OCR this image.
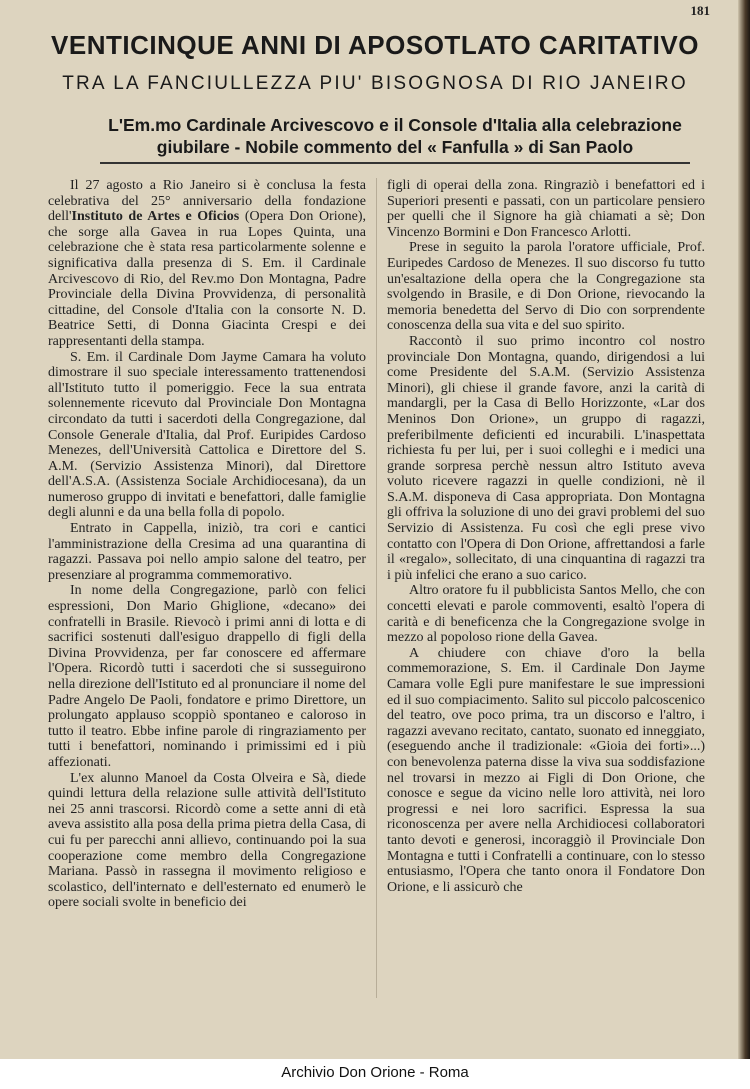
181
VENTICINQUE ANNI DI APOSOTLATO CARITATIVO
TRA LA FANCIULLEZZA PIU' BISOGNOSA DI RIO JANEIRO

L'Em.mo Cardinale Arcivescovo e il Console d'Italia alla celebrazione giubilare - Nobile commento del « Fanfulla » di San Paolo

Il 27 agosto a Rio Janeiro si è conclusa la festa celebrativa del 25° anniversario della fondazione dell'Instituto de Artes e Oficios (Opera Don Orione), che sorge alla Gavea in rua Lopes Quinta, una celebrazione che è stata resa particolarmente solenne e significativa dalla presenza di S. Em. il Cardinale Arcivescovo di Rio, del Rev.mo Don Montagna, Padre Provinciale della Divina Provvidenza, di personalità cittadine, del Console d'Italia con la consorte N. D. Beatrice Setti, di Donna Giacinta Crespi e dei rappresentanti della stampa.

S. Em. il Cardinale Dom Jayme Camara ha voluto dimostrare il suo speciale interessamento trattenendosi all'Istituto tutto il pomeriggio. Fece la sua entrata solennemente ricevuto dal Provinciale Don Montagna circondato da tutti i sacerdoti della Congregazione, dal Console Generale d'Italia, dal Prof. Euripides Cardoso Menezes, dell'Università Cattolica e Direttore del S. A.M. (Servizio Assistenza Minori), dal Direttore dell'A.S.A. (Assistenza Sociale Archidiocesana), da un numeroso gruppo di invitati e benefattori, dalle famiglie degli alunni e da una bella folla di popolo.

Entrato in Cappella, iniziò, tra cori e cantici l'amministrazione della Cresima ad una quarantina di ragazzi. Passava poi nello ampio salone del teatro, per presenziare al programma commemorativo.

In nome della Congregazione, parlò con felici espressioni, Don Mario Ghiglione, «decano» dei confratelli in Brasile. Rievocò i primi anni di lotta e di sacrifici sostenuti dall'esiguo drappello di figli della Divina Provvidenza, per far conoscere ed affermare l'Opera. Ricordò tutti i sacerdoti che si susseguirono nella direzione dell'Istituto ed al pronunciare il nome del Padre Angelo De Paoli, fondatore e primo Direttore, un prolungato applauso scoppiò spontaneo e caloroso in tutto il teatro. Ebbe infine parole di ringraziamento per tutti i benefattori, nominando i primissimi ed i più affezionati.

L'ex alunno Manoel da Costa Olveira e Sà, diede quindi lettura della relazione sulle attività dell'Istituto nei 25 anni trascorsi. Ricordò come a sette anni di età aveva assistito alla posa della prima pietra della Casa, di cui fu per parecchi anni allievo, continuando poi la sua cooperazione come membro della Congregazione Mariana. Passò in rassegna il movimento religioso e scolastico, dell'internato e dell'esternato ed enumerò le opere sociali svolte in beneficio dei

figli di operai della zona. Ringraziò i benefattori ed i Superiori presenti e passati, con un particolare pensiero per quelli che il Signore ha già chiamati a sè; Don Vincenzo Bormini e Don Francesco Arlotti.

Prese in seguito la parola l'oratore ufficiale, Prof. Euripedes Cardoso de Menezes. Il suo discorso fu tutto un'esaltazione della opera che la Congregazione sta svolgendo in Brasile, e di Don Orione, rievocando la memoria benedetta del Servo di Dio con sorprendente conoscenza della sua vita e del suo spirito.

Raccontò il suo primo incontro col nostro provinciale Don Montagna, quando, dirigendosi a lui come Presidente del S.A.M. (Servizio Assistenza Minori), gli chiese il grande favore, anzi la carità di mandargli, per la Casa di Bello Horizzonte, «Lar dos Meninos Don Orione», un gruppo di ragazzi, preferibilmente deficienti ed incurabili. L'inaspettata richiesta fu per lui, per i suoi colleghi e i medici una grande sorpresa perchè nessun altro Istituto aveva voluto ricevere ragazzi in quelle condizioni, nè il S.A.M. disponeva di Casa appropriata. Don Montagna gli offriva la soluzione di uno dei gravi problemi del suo Servizio di Assistenza. Fu così che egli prese vivo contatto con l'Opera di Don Orione, affrettandosi a farle il «regalo», sollecitato, di una cinquantina di ragazzi tra i più infelici che erano a suo carico.

Altro oratore fu il pubblicista Santos Mello, che con concetti elevati e parole commoventi, esaltò l'opera di carità e di beneficenza che la Congregazione svolge in mezzo al popoloso rione della Gavea.

A chiudere con chiave d'oro la bella commemorazione, S. Em. il Cardinale Don Jayme Camara volle Egli pure manifestare le sue impressioni ed il suo compiacimento. Salito sul piccolo palcoscenico del teatro, ove poco prima, tra un discorso e l'altro, i ragazzi avevano recitato, cantato, suonato ed inneggiato, (eseguendo anche il tradizionale: «Gioia dei forti»...) con benevolenza paterna disse la viva sua soddisfazione nel trovarsi in mezzo ai Figli di Don Orione, che conosce e segue da vicino nelle loro attività, nei loro progressi e nei loro sacrifici. Espressa la sua riconoscenza per avere nella Archidiocesi collaboratori tanto devoti e generosi, incoraggiò il Provinciale Don Montagna e tutti i Confratelli a continuare, con lo stesso entusiasmo, l'Opera che tanto onora il Fondatore Don Orione, e li assicurò che

Archivio Don Orione - Roma
